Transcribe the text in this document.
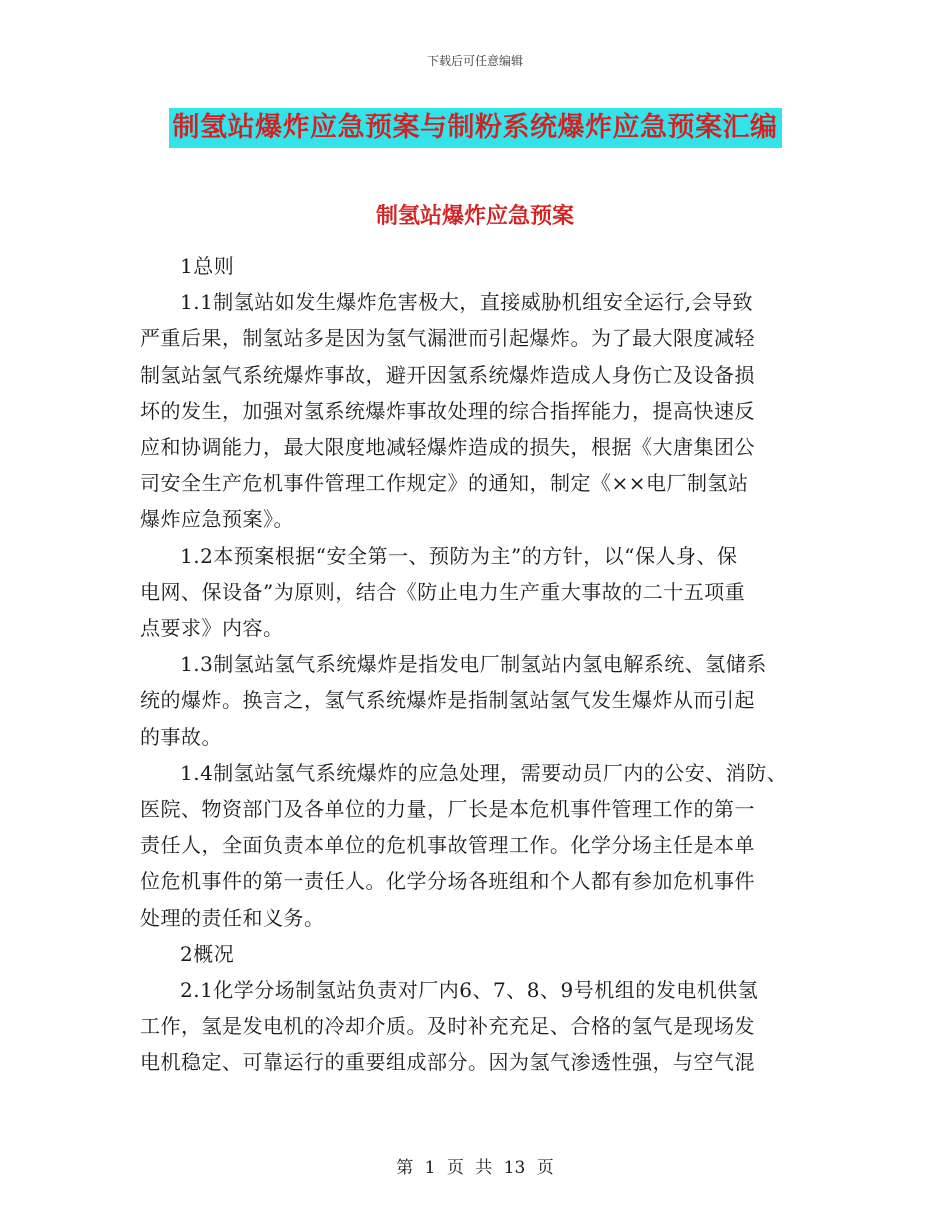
下载后可任意编辑
制氢站爆炸应急预案与制粉系统爆炸应急预案汇编
制氢站爆炸应急预案

1总则

1.1制氢站如发生爆炸危害极大，直接威胁机组安全运行,会导致

严重后果，制氢站多是因为氢气漏泄而引起爆炸。为了最大限度减轻

制氢站氢气系统爆炸事故，避开因氢系统爆炸造成人身伤亡及设备损

坏的发生，加强对氢系统爆炸事故处理的综合指挥能力，提高快速反

应和协调能力，最大限度地减轻爆炸造成的损失，根据《大唐集团公

司安全生产危机事件管理工作规定》的通知，制定《××电厂制氢站

爆炸应急预案》。

1.2本预案根据“安全第一、预防为主”的方针，以“保人身、保

电网、保设备”为原则，结合《防止电力生产重大事故的二十五项重

点要求》内容。

1.3制氢站氢气系统爆炸是指发电厂制氢站内氢电解系统、氢储系

统的爆炸。换言之，氢气系统爆炸是指制氢站氢气发生爆炸从而引起

的事故。

1.4制氢站氢气系统爆炸的应急处理，需要动员厂内的公安、消防、

医院、物资部门及各单位的力量，厂长是本危机事件管理工作的第一

责任人，全面负责本单位的危机事故管理工作。化学分场主任是本单

位危机事件的第一责任人。化学分场各班组和个人都有参加危机事件

处理的责任和义务。

2概况

2.1化学分场制氢站负责对厂内6、7、8、9号机组的发电机供氢

工作，氢是发电机的冷却介质。及时补充充足、合格的氢气是现场发

电机稳定、可靠运行的重要组成部分。因为氢气渗透性强，与空气混

第 1 页 共 13 页
